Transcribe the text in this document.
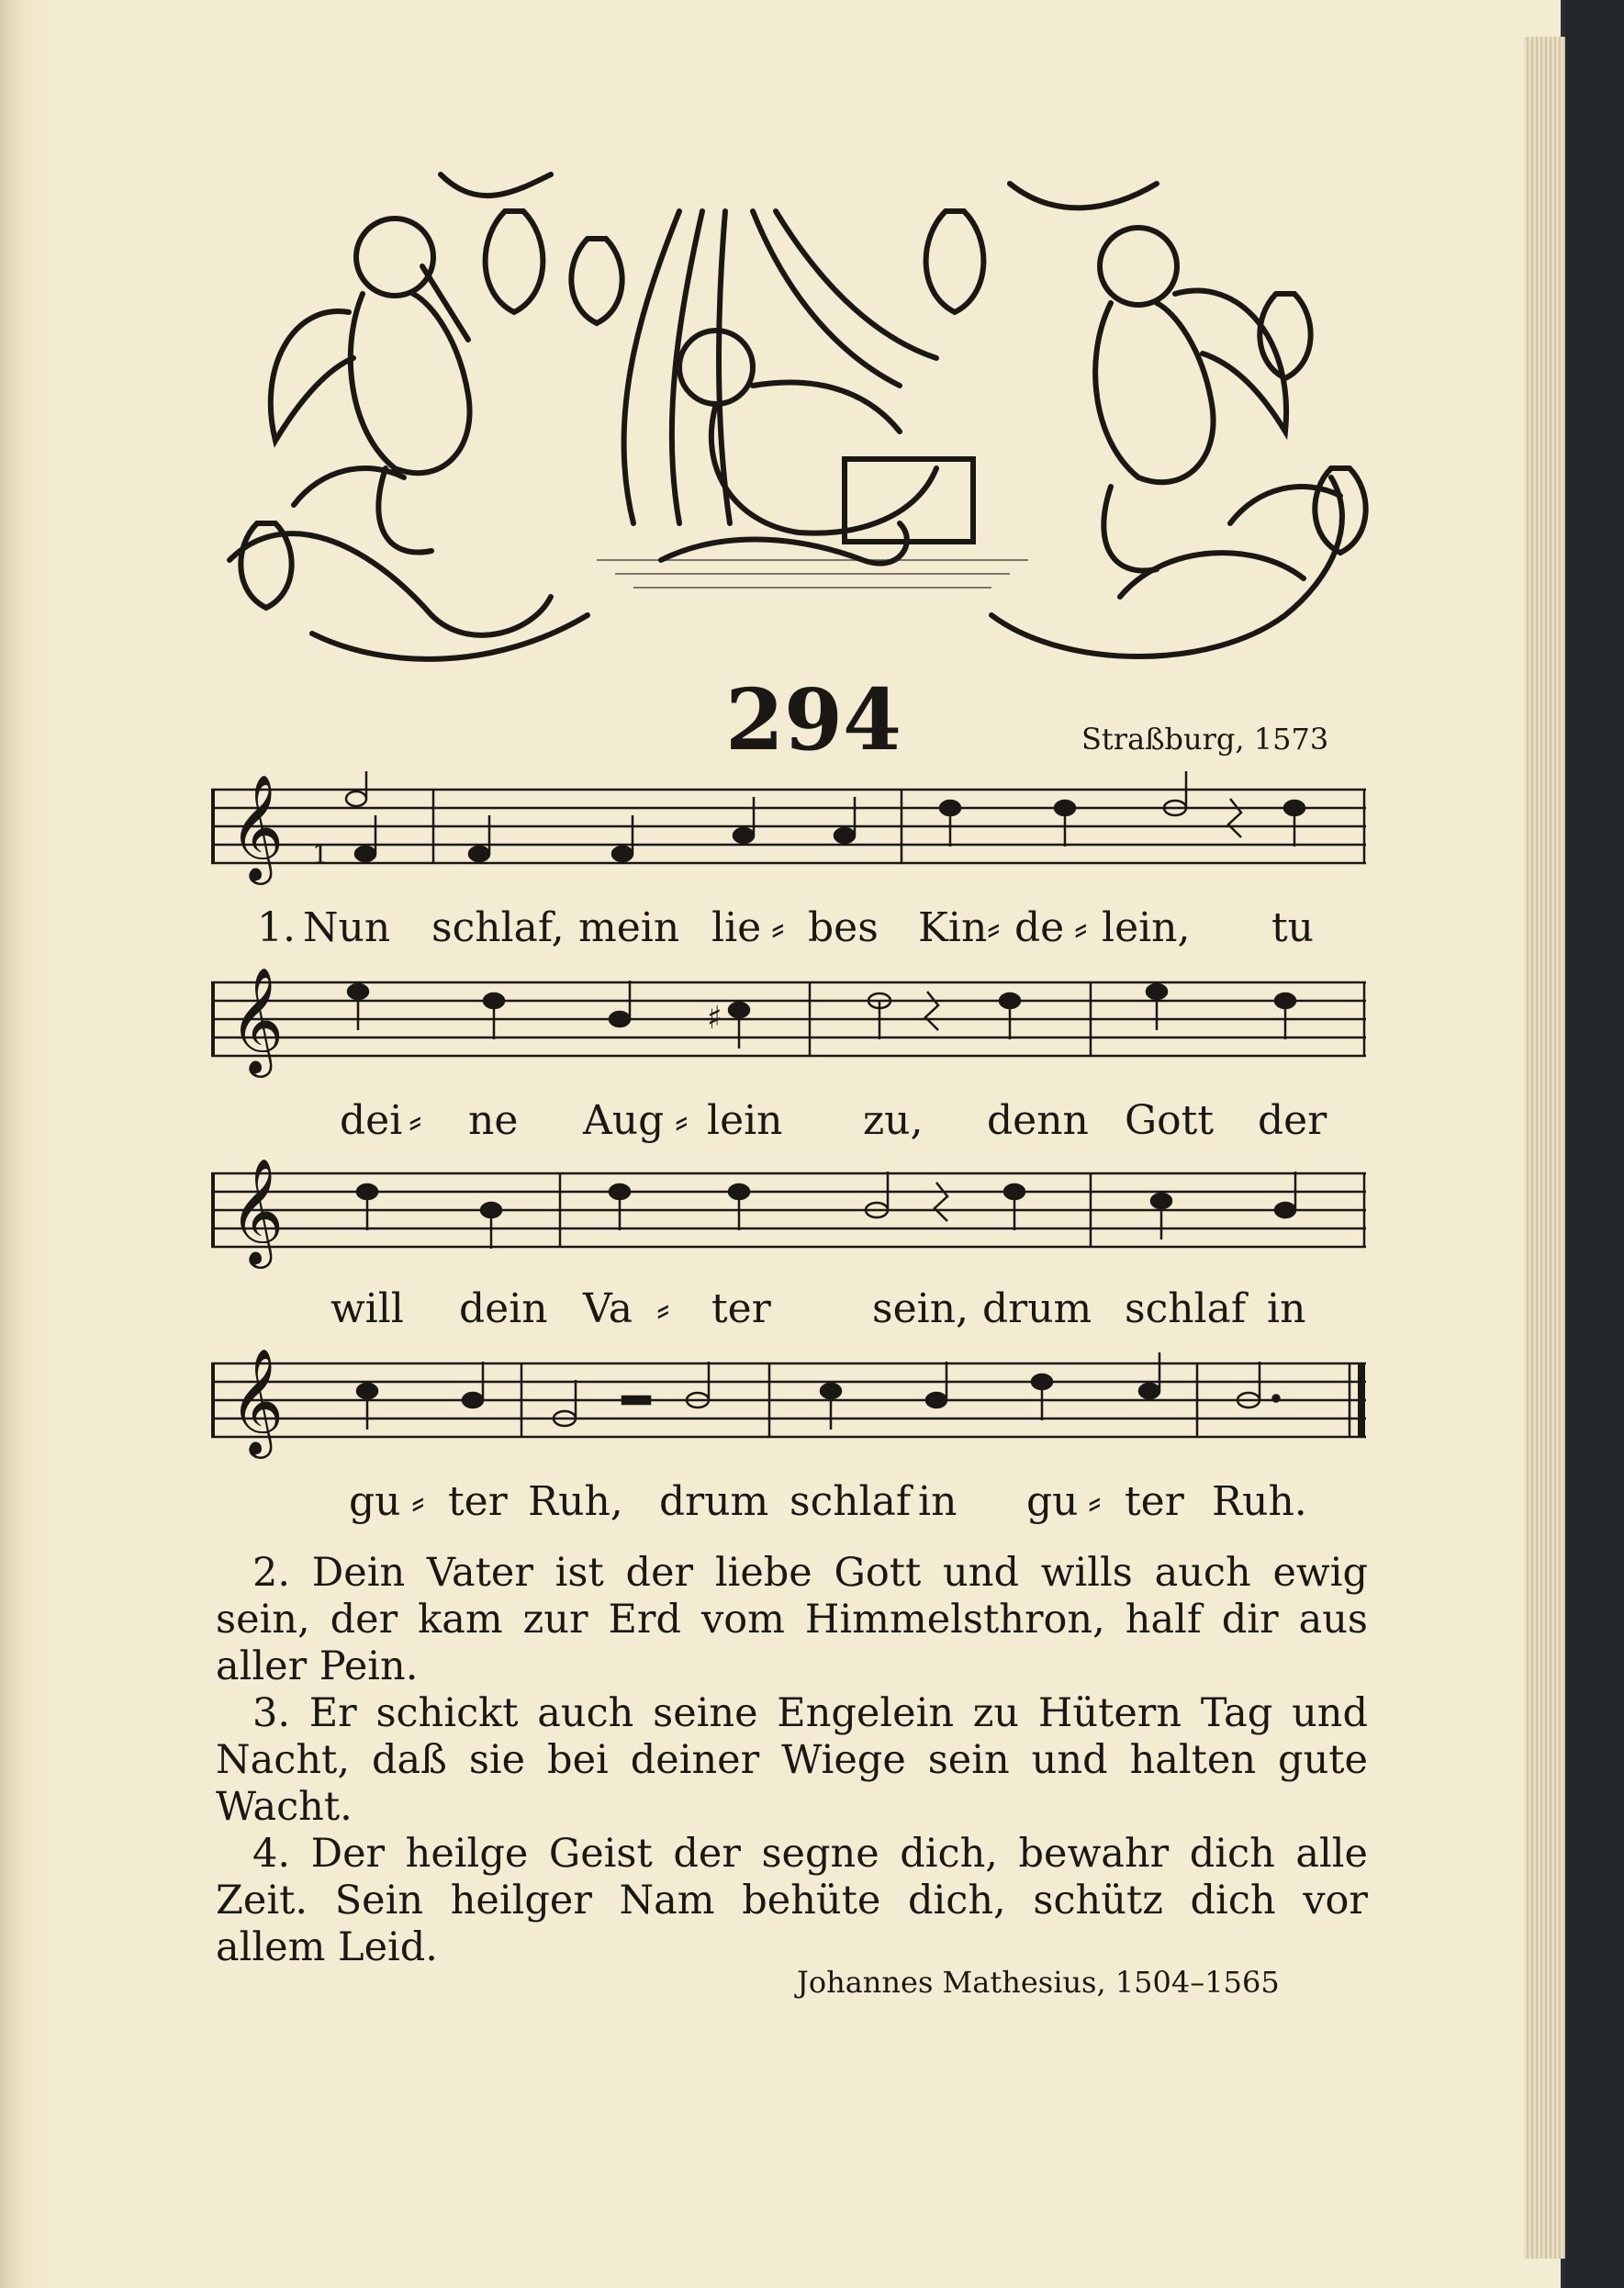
294	Straßburg, 1573
𝄞 1
1. Nun schlaf, mein lie ⸗ bes Kin ⸗ de ⸗ lein, tu
𝄞	♯
dei ⸗ ne Aug ⸗ lein zu, denn Gott der
𝄞
will dein Va ⸗ ter	sein, drum schlaf in
𝄞
gu ⸗ ter Ruh, drum schlaf in gu ⸗ ter Ruh.

2. Dein Vater ist der liebe Gott und wills auch ewig sein, der kam zur Erd vom Himmelsthron, half dir aus aller Pein.

3. Er schickt auch seine Engelein zu Hütern Tag und Nacht, daß sie bei deiner Wiege sein und halten gute Wacht.

4. Der heilge Geist der segne dich, bewahr dich alle Zeit. Sein heilger Nam behüte dich, schütz dich vor allem Leid.

Johannes Mathesius, 1504–1565
